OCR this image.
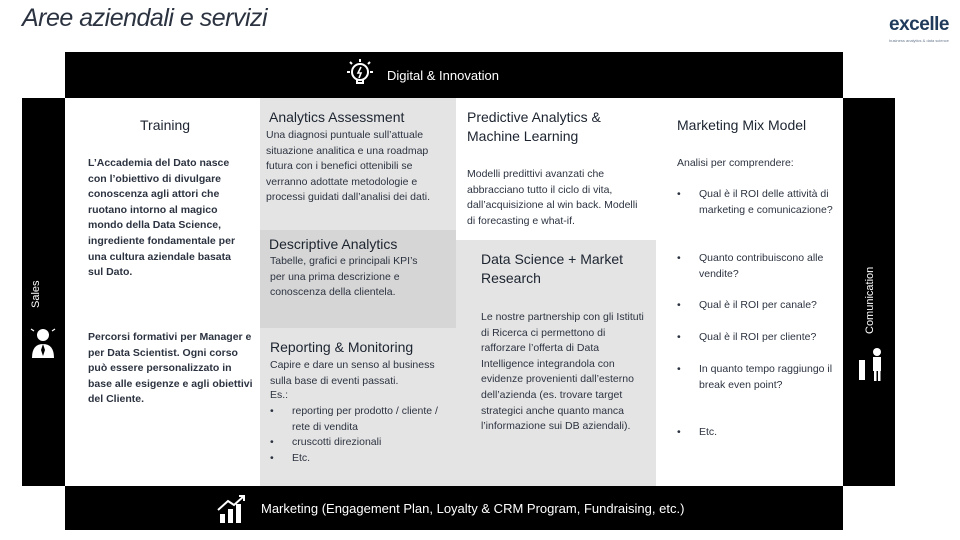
Aree aziendali e servizi	excelle
business analytics & data science
Digital & Innovation
Sales	Comunication
Training
L’Accademia del Dato nasce con l’obiettivo di divulgare conoscenza agli attori che ruotano intorno al magico mondo della Data Science, ingrediente fondamentale per una cultura aziendale basata sul Dato.
Percorsi formativi per Manager e per Data Scientist. Ogni corso può essere personalizzato in base alle esigenze e agli obiettivi del Cliente.
Analytics Assessment
Una diagnosi puntuale sull’attuale situazione analitica e una roadmap futura con i benefici ottenibili se verranno adottate metodologie e processi guidati dall’analisi dei dati.
Descriptive Analytics
Tabelle, grafici e principali KPI’s per una prima descrizione e conoscenza della clientela.
Reporting & Monitoring
Capire e dare un senso al business sulla base di eventi passati.
Es.:
• reporting per prodotto / cliente / rete di vendita
• cruscotti direzionali
• Etc.
Predictive Analytics & Machine Learning
Modelli predittivi avanzati che abbracciano tutto il ciclo di vita, dall’acquisizione al win back. Modelli di forecasting e what-if.
Data Science + Market Research
Le nostre partnership con gli Istituti di Ricerca ci permettono di rafforzare l’offerta di Data Intelligence integrandola con evidenze provenienti dall’esterno dell’azienda (es. trovare target strategici anche quanto manca l’informazione sui DB aziendali).
Marketing Mix Model
Analisi per comprendere:
• Qual è il ROI delle attività di marketing e comunicazione?
• Quanto contribuiscono alle vendite?
• Qual è il ROI per canale?
• Qual è il ROI per cliente?
• In quanto tempo raggiungo il break even point?
• Etc.
Marketing (Engagement Plan, Loyalty & CRM Program, Fundraising, etc.)
